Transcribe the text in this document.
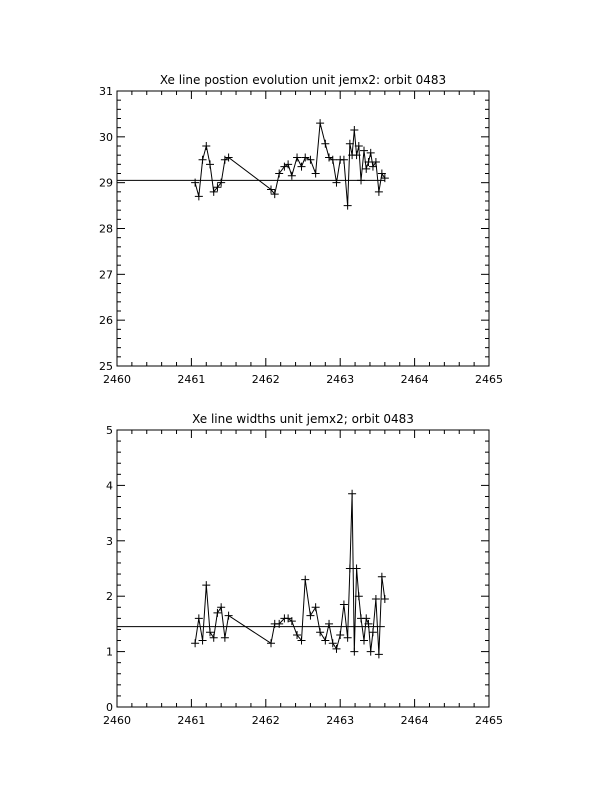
Xe line postion evolution unit jemx2: orbit 0483
2460	2461	2462	2463	2464	2465
25
26
27
28
29
30
31
Xe line widths unit jemx2; orbit 0483
2460	2461	2462	2463	2464	2465
0
1
2
3
4
5
